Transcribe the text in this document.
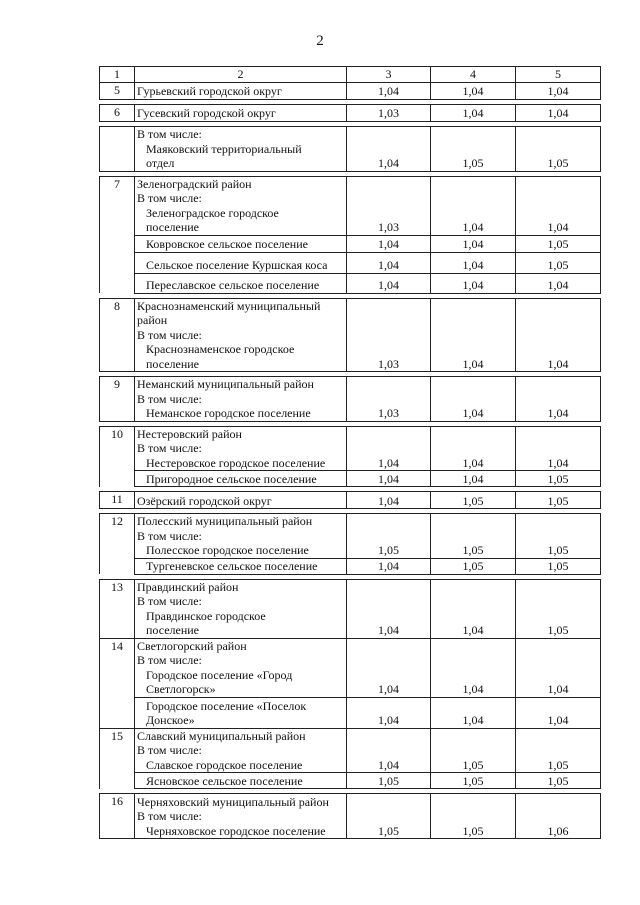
2
1	2	3	4	5
5	Гурьевский городской округ	1,04	1,04	1,04

6	Гусевский городской округ	1,03	1,04	1,04

	В том числе:
Маяковский территориальный
отдел	1,04	1,05	1,05

7	Зеленоградский район
В том числе:
Зеленоградское городское
поселение	1,03	1,04	1,04

	Ковровское сельское поселение	1,04	1,04	1,05

	Сельское поселение Куршская коса	1,04	1,04	1,05

	Переславское сельское поселение	1,04	1,04	1,04

8	Краснознаменский муниципальный
район
В том числе:
Краснознаменское городское
поселение	1,03	1,04	1,04

9	Неманский муниципальный район
В том числе:
Неманское городское поселение	1,03	1,04	1,04

10	Нестеровский район
В том числе:
Нестеровское городское поселение	1,04	1,04	1,04

	Пригородное сельское поселение	1,04	1,04	1,05

11	Озёрский городской округ	1,04	1,05	1,05

12	Полесский муниципальный район
В том числе:
Полесское городское поселение	1,05	1,05	1,05

	Тургеневское сельское поселение	1,04	1,05	1,05

13	Правдинский район
В том числе:
Правдинское городское
поселение	1,04	1,04	1,05
14	Светлогорский район
В том числе:
Городское поселение «Город
Светлогорск»	1,04	1,04	1,04

	Городское поселение «Поселок
Донское»	1,04	1,04	1,04
15	Славский муниципальный район
В том числе:
Славское городское поселение	1,04	1,05	1,05

	Ясновское сельское поселение	1,05	1,05	1,05

16	Черняховский муниципальный район
В том числе:
Черняховское городское поселение	1,05	1,05	1,06
